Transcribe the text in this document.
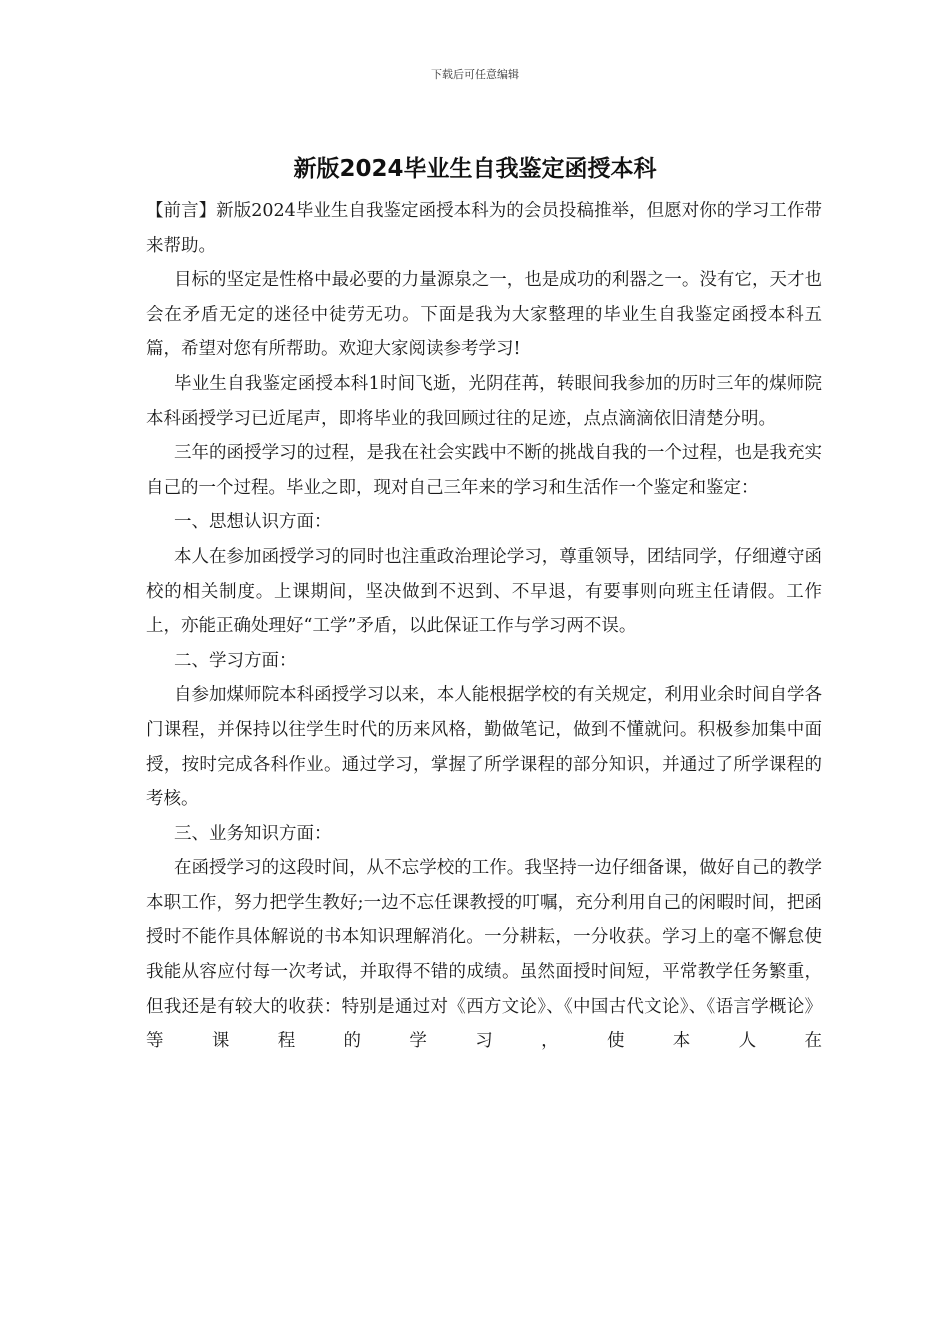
下载后可任意编辑
新版2024毕业生自我鉴定函授本科

【前言】新版2024毕业生自我鉴定函授本科为的会员投稿推举，但愿对你的学习工作带来帮助。

目标的坚定是性格中最必要的力量源泉之一，也是成功的利器之一。没有它，天才也会在矛盾无定的迷径中徒劳无功。下面是我为大家整理的毕业生自我鉴定函授本科五篇，希望对您有所帮助。欢迎大家阅读参考学习!

毕业生自我鉴定函授本科1时间飞逝，光阴荏苒，转眼间我参加的历时三年的煤师院本科函授学习已近尾声，即将毕业的我回顾过往的足迹，点点滴滴依旧清楚分明。

三年的函授学习的过程，是我在社会实践中不断的挑战自我的一个过程，也是我充实自己的一个过程。毕业之即，现对自己三年来的学习和生活作一个鉴定和鉴定：

一、思想认识方面：

本人在参加函授学习的同时也注重政治理论学习，尊重领导，团结同学，仔细遵守函校的相关制度。上课期间，坚决做到不迟到、不早退，有要事则向班主任请假。工作上，亦能正确处理好“工学”矛盾，以此保证工作与学习两不误。

二、学习方面：

自参加煤师院本科函授学习以来，本人能根据学校的有关规定，利用业余时间自学各门课程，并保持以往学生时代的历来风格，勤做笔记，做到不懂就问。积极参加集中面授，按时完成各科作业。通过学习，掌握了所学课程的部分知识，并通过了所学课程的考核。

三、业务知识方面：

在函授学习的这段时间，从不忘学校的工作。我坚持一边仔细备课，做好自己的教学本职工作，努力把学生教好;一边不忘任课教授的叮嘱，充分利用自己的闲暇时间，把函授时不能作具体解说的书本知识理解消化。一分耕耘，一分收获。学习上的毫不懈怠使我能从容应付每一次考试，并取得不错的成绩。虽然面授时间短，平常教学任务繁重，但我还是有较大的收获：特别是通过对《西方文论》、《中国古代文论》、《语言学概论》等课程的学习，使本人在
